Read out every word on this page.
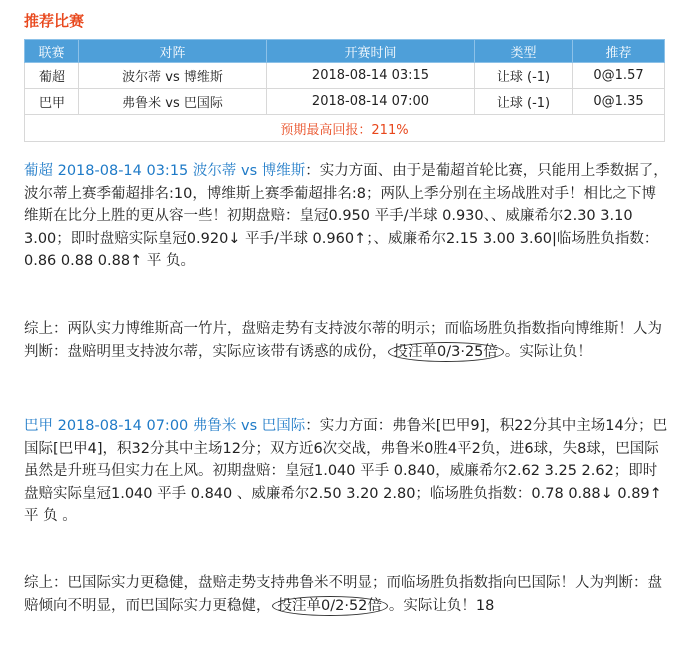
推荐比赛
联赛	对阵	开赛时间	类型	推荐
葡超	波尔蒂 vs 博维斯	2018-08-14 03:15	让球 (-1)	0@1.57
巴甲	弗鲁米 vs 巴国际	2018-08-14 07:00	让球 (-1)	0@1.35
预期最高回报：211%				
葡超 2018-08-14 03:15 波尔蒂 vs 博维斯：实力方面、由于是葡超首轮比赛，只能用上季数据了，波尔蒂上赛季葡超排名:10，博维斯上赛季葡超排名:8；两队上季分别在主场战胜对手！相比之下博维斯在比分上胜的更从容一些！初期盘赔：皇冠0.950 平手/半球 0.930、、威廉希尔2.30 3.10 3.00；即时盘赔实际皇冠0.920↓ 平手/半球 0.960↑；、威廉希尔2.15 3.00 3.60|临场胜负指数：0.86 0.88 0.88↑ 平 负。
综上：两队实力博维斯高一竹片，盘赔走势有支持波尔蒂的明示；而临场胜负指数指向博维斯！人为判断：盘赔明里支持波尔蒂，实际应该带有诱惑的成份， 投注单0/3·25倍 。实际让负！
巴甲 2018-08-14 07:00 弗鲁米 vs 巴国际：实力方面：弗鲁米[巴甲9]，积22分其中主场14分；巴国际[巴甲4]，积32分其中主场12分；双方近6次交战，弗鲁米0胜4平2负，进6球，失8球，巴国际虽然是升班马但实力在上风。初期盘赔：皇冠1.040 平手 0.840，威廉希尔2.62 3.25 2.62；即时盘赔实际皇冠1.040 平手 0.840 、威廉希尔2.50 3.20 2.80；临场胜负指数：0.78 0.88↓ 0.89↑ 平 负 。
综上：巴国际实力更稳健，盘赔走势支持弗鲁米不明显；而临场胜负指数指向巴国际！人为判断：盘赔倾向不明显，而巴国际实力更稳健， 投注单0/2·52倍 。实际让负！18
